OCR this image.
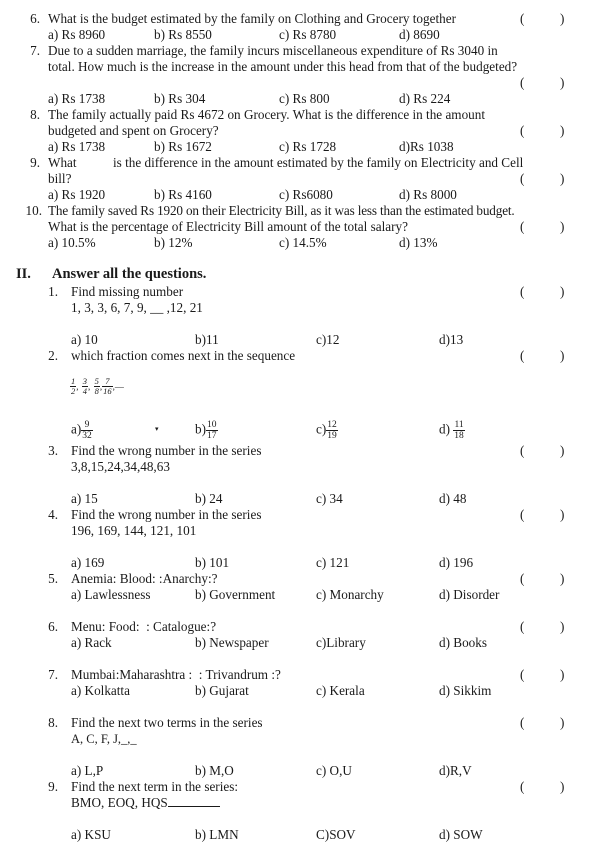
6. What is the budget estimated by the family on Clothing and Grocery together	(	)
a) Rs 8960	b) Rs 8550	c) Rs 8780	d) 8690
7. Due to a sudden marriage, the family incurs miscellaneous expenditure of Rs 3040 in
total. How much is the increase in the amount under this head from that of the budgeted?
(	)
a) Rs 1738	b) Rs 304	c) Rs 800	d) Rs 224
8. The family actually paid Rs 4672 on Grocery. What is the difference in the amount
budgeted and spent on Grocery?	(	)
a) Rs 1738	b) Rs 1672	c) Rs 1728	d)Rs 1038
9. What	is the difference in the amount estimated by the family on Electricity and Cell
bill?	(	)
a) Rs 1920	b) Rs 4160	c) Rs6080	d) Rs 8000
10. The family saved Rs 1920 on their Electricity Bill, as it was less than the estimated budget.
What is the percentage of Electricity Bill amount of the total salary?	(	)
a) 10.5%	b) 12%	c) 14.5%	d) 13%
II. Answer all the questions.
1. Find missing number
1, 3, 3, 6, 7, 9, __ ,12, 21
(	)
a) 10	b)11	c)12	d)13
2. which fraction comes next in the sequence	(	)
$\frac{1}{2}$ , $\frac{3}{4}$ , $\frac{5}{8}$ , $\frac{7}{16}$ ,—
$a) \frac{9}{32}$	▾	$b) \frac{10}{17}$	$c) \frac{12}{19}$	$d) \frac{11}{18}$
3. Find the wrong number in the series
3,8,15,24,34,48,63
(	)
a) 15	b) 24	c) 34	d) 48
4. Find the wrong number in the series
196, 169, 144, 121, 101
(	)
a) 169	b) 101	c) 121	d) 196
5. Anemia: Blood: :Anarchy:?	(	)
a) Lawlessness	b) Government	c) Monarchy	d) Disorder
6. Menu: Food:  : Catalogue:?	(	)
a) Rack	b) Newspaper	c)Library	d) Books
7. Mumbai:Maharashtra :  : Trivandrum :?	(	)
a) Kolkatta	b) Gujarat	c) Kerala	d) Sikkim
8. Find the next two terms in the series
A, C, F, J,_,_
(	)
a) L,P	b) M,O	c) O,U	d)R,V
9. Find the next term in the series:
BMO, EOQ, HQS
(	)
a) KSU	b) LMN	C)SOV	d) SOW
